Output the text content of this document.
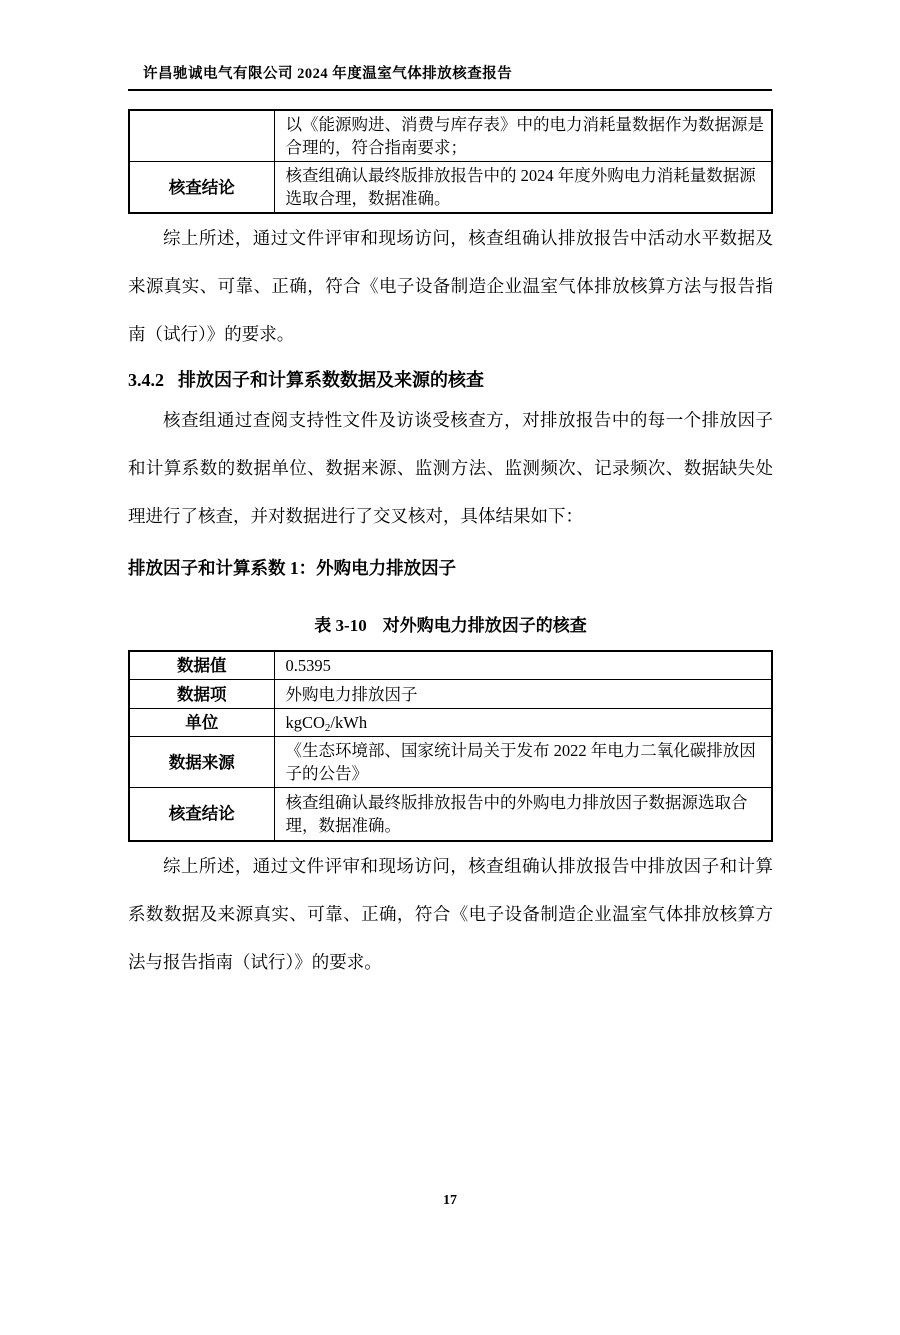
许昌驰诚电气有限公司 2024 年度温室气体排放核查报告
	以《能源购进、消费与库存表》中的电力消耗量数据作为数据源是合理的，符合指南要求；
核查结论	核查组确认最终版排放报告中的 2024 年度外购电力消耗量数据源选取合理，数据准确。

综上所述，通过文件评审和现场访问，核查组确认排放报告中活动水平数据及来源真实、可靠、正确，符合《电子设备制造企业温室气体排放核算方法与报告指南（试行）》的要求。

3.4.2 排放因子和计算系数数据及来源的核查

核查组通过查阅支持性文件及访谈受核查方，对排放报告中的每一个排放因子和计算系数的数据单位、数据来源、监测方法、监测频次、记录频次、数据缺失处理进行了核查，并对数据进行了交叉核对，具体结果如下：

排放因子和计算系数 1：外购电力排放因子
表 3-10 对外购电力排放因子的核查
数据值	0.5395
数据项	外购电力排放因子
单位	kgCO$_2$/kWh
数据来源	《生态环境部、国家统计局关于发布 2022 年电力二氧化碳排放因子的公告》
核查结论	核查组确认最终版排放报告中的外购电力排放因子数据源选取合理，数据准确。

综上所述，通过文件评审和现场访问，核查组确认排放报告中排放因子和计算系数数据及来源真实、可靠、正确，符合《电子设备制造企业温室气体排放核算方法与报告指南（试行）》的要求。

17
